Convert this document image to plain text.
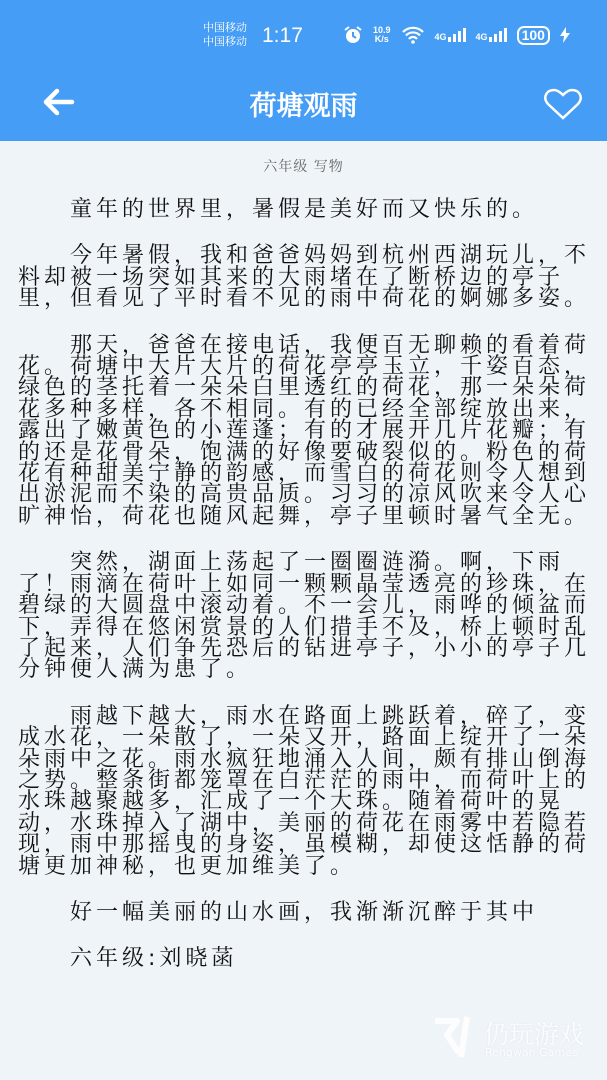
中国移动
中国移动 1:17	10.9
K/s	4G	4G	100
荷塘观雨
六年级 写物

童年的世界里，暑假是美好而又快乐的。

今年暑假，我和爸爸妈妈到杭州西湖玩儿，不料却被一场突如其来的大雨堵在了断桥边的亭子里，但看见了平时看不见的雨中荷花的婀娜多姿。

那天，爸爸在接电话，我便百无聊赖的看着荷花。荷塘中大片大片的荷花亭亭玉立，千姿百态，绿色的茎托着一朵朵白里透红的荷花，那一朵朵荷花多种多样，各不相同。有的已经全部绽放出来，露出了嫩黄色的小莲蓬；有的才展开几片花瓣；有的还是花骨朵，饱满的好像要破裂似的。粉色的荷花有种甜美宁静的韵感，而雪白的荷花则令人想到出淤泥而不染的高贵品质。习习的凉风吹来令人心旷神怡，荷花也随风起舞，亭子里顿时暑气全无。

突然，湖面上荡起了一圈圈涟漪。啊，下雨了！雨滴在荷叶上如同一颗颗晶莹透亮的珍珠，在碧绿的大圆盘中滚动着。不一会儿，雨哗的倾盆而下，弄得在悠闲赏景的人们措手不及，桥上顿时乱了起来，人们争先恐后的钻进亭子，小小的亭子几分钟便人满为患了。

雨越下越大，雨水在路面上跳跃着，碎了，变成水花，一朵散了，一朵又开，路面上绽开了一朵朵雨中之花。雨水疯狂地涌入人间，颇有排山倒海之势。整条街都笼罩在白茫茫的雨中，而荷叶上的水珠越聚越多，汇成了一个大珠。随着荷叶的晃动，水珠掉入了湖中，美丽的荷花在雨雾中若隐若现，雨中那摇曳的身姿，虽模糊，却使这恬静的荷塘更加神秘，也更加维美了。

好一幅美丽的山水画，我渐渐沉醉于其中

六年级:刘晓菡

仍玩游戏
Rengwan Games
